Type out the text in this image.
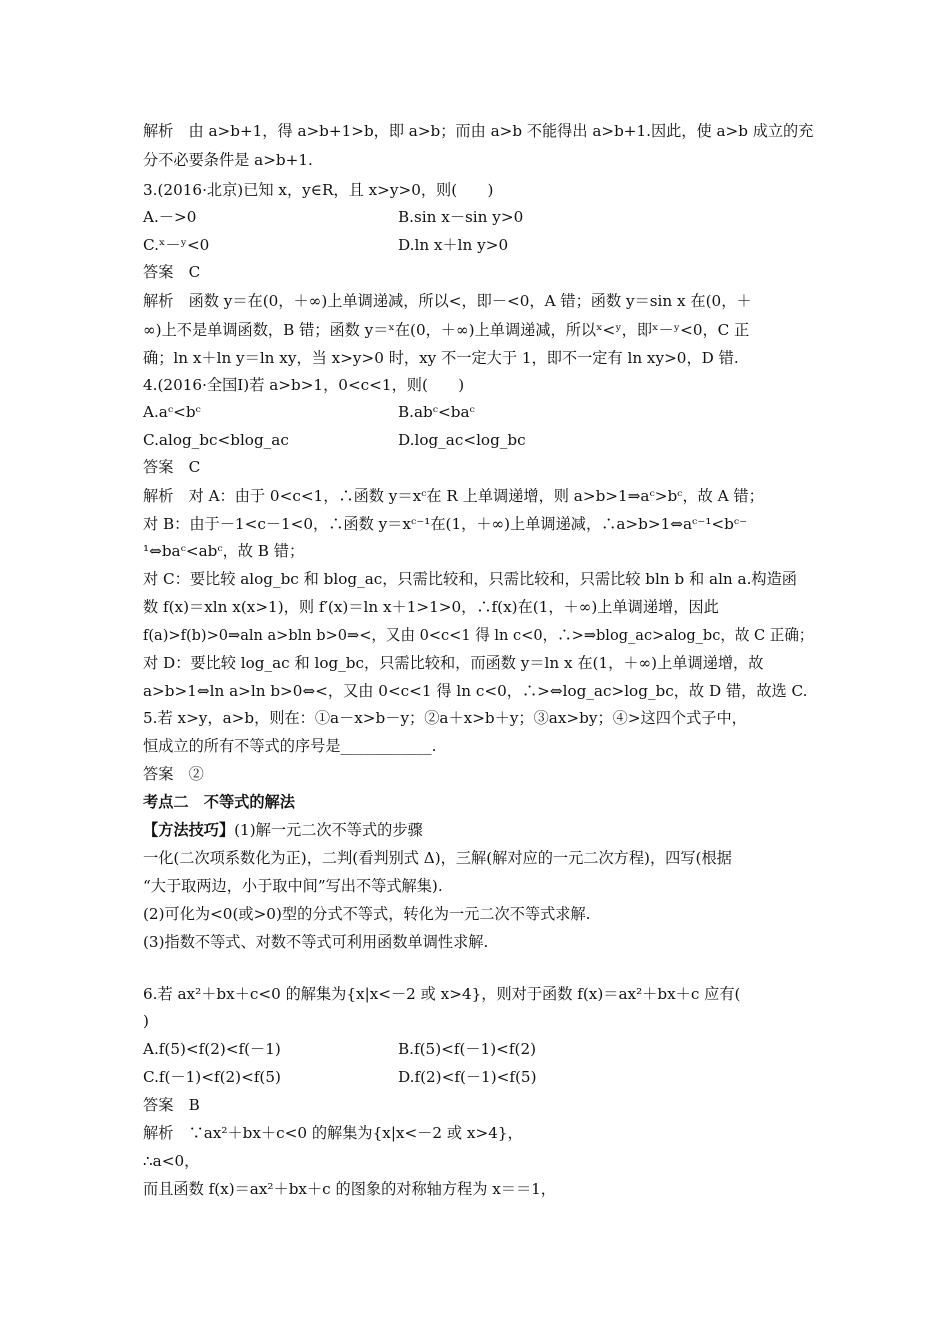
解析　由 a>b+1，得 a>b+1>b，即 a>b；而由 a>b 不能得出 a>b+1.因此，使 a>b 成立的充
分不必要条件是 a>b+1.
3.(2016·北京)已知 x，y∈R，且 x>y>0，则(　　)
A.－>0	B.sin x－sin y>0
C.ˣ－ʸ<0	D.ln x＋ln y>0
答案　C
解析　函数 y＝在(0，＋∞)上单调递减，所以<，即－<0，A 错；函数 y＝sin x 在(0，＋
∞)上不是单调函数，B 错；函数 y＝ˣ在(0，＋∞)上单调递减，所以ˣ<ʸ，即ˣ－ʸ<0，C 正
确；ln x＋ln y＝ln xy，当 x>y>0 时，xy 不一定大于 1，即不一定有 ln xy>0，D 错.
4.(2016·全国Ⅰ)若 a>b>1，0<c<1，则(　　)
A.aᶜ<bᶜ	B.abᶜ<baᶜ
C.alog_bc<blog_ac	D.log_ac<log_bc
答案　C
解析　对 A：由于 0<c<1，∴函数 y＝xᶜ在 R 上单调递增，则 a>b>1⇒aᶜ>bᶜ，故 A 错；
对 B：由于－1<c－1<0，∴函数 y＝xᶜ⁻¹在(1，＋∞)上单调递减，∴a>b>1⇔aᶜ⁻¹<bᶜ⁻
¹⇔baᶜ<abᶜ，故 B 错；
对 C：要比较 alog_bc 和 blog_ac，只需比较和，只需比较和，只需比较 bln b 和 aln a.构造函
数 f(x)＝xln x(x>1)，则 f′(x)＝ln x＋1>1>0，∴f(x)在(1，＋∞)上单调递增，因此
f(a)>f(b)>0⇒aln a>bln b>0⇒<，又由 0<c<1 得 ln c<0，∴>⇒blog_ac>alog_bc，故 C 正确；
对 D：要比较 log_ac 和 log_bc，只需比较和，而函数 y＝ln x 在(1，＋∞)上单调递增，故
a>b>1⇔ln a>ln b>0⇔<，又由 0<c<1 得 ln c<0，∴>⇔log_ac>log_bc，故 D 错，故选 C.
5.若 x>y，a>b，则在：①a－x>b－y；②a＋x>b＋y；③ax>by；④>这四个式子中，
恒成立的所有不等式的序号是____________.
答案　②
考点二　不等式的解法
【方法技巧】(1)解一元二次不等式的步骤
一化(二次项系数化为正)，二判(看判别式 Δ)，三解(解对应的一元二次方程)，四写(根据
“大于取两边，小于取中间”写出不等式解集).
(2)可化为<0(或>0)型的分式不等式，转化为一元二次不等式求解.
(3)指数不等式、对数不等式可利用函数单调性求解.
6.若 ax²＋bx＋c<0 的解集为{x|x<－2 或 x>4}，则对于函数 f(x)＝ax²＋bx＋c 应有(
)
A.f(5)<f(2)<f(－1)	B.f(5)<f(－1)<f(2)
C.f(－1)<f(2)<f(5)	D.f(2)<f(－1)<f(5)
答案　B
解析　∵ax²＋bx＋c<0 的解集为{x|x<－2 或 x>4}，
∴a<0，
而且函数 f(x)＝ax²＋bx＋c 的图象的对称轴方程为 x＝＝1，
